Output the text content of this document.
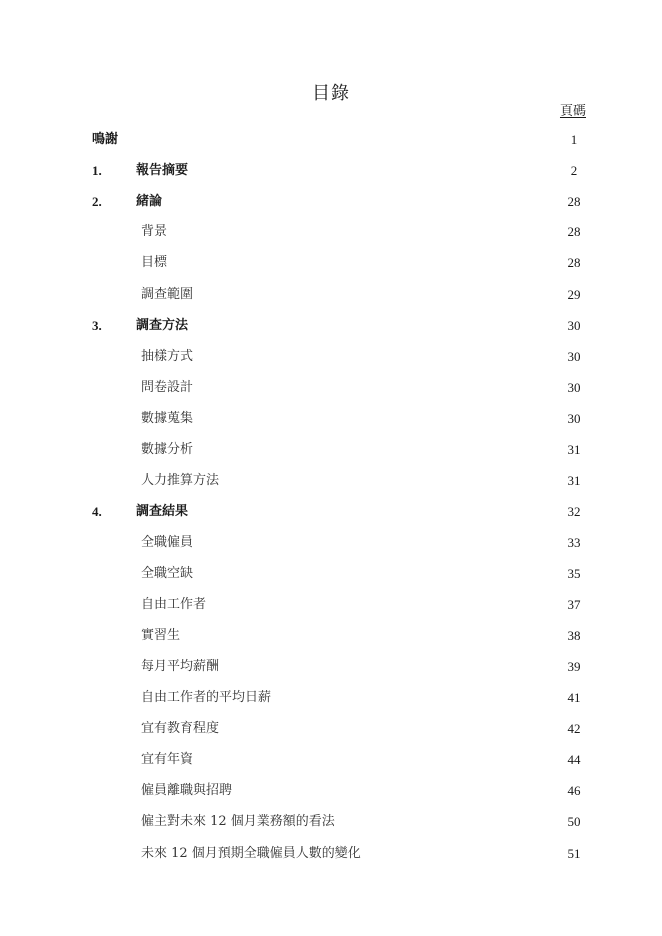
目錄
頁碼
鳴謝	1
1.	報告摘要	2
2.	緒論	28
背景	28
目標	28
調查範圍	29
3.	調查方法	30
抽樣方式	30
問卷設計	30
數據蒐集	30
數據分析	31
人力推算方法	31
4.	調查結果	32
全職僱員	33
全職空缺	35
自由工作者	37
實習生	38
每月平均薪酬	39
自由工作者的平均日薪	41
宜有教育程度	42
宜有年資	44
僱員離職與招聘	46
僱主對未來 12 個月業務額的看法	50
未來 12 個月預期全職僱員人數的變化	51
